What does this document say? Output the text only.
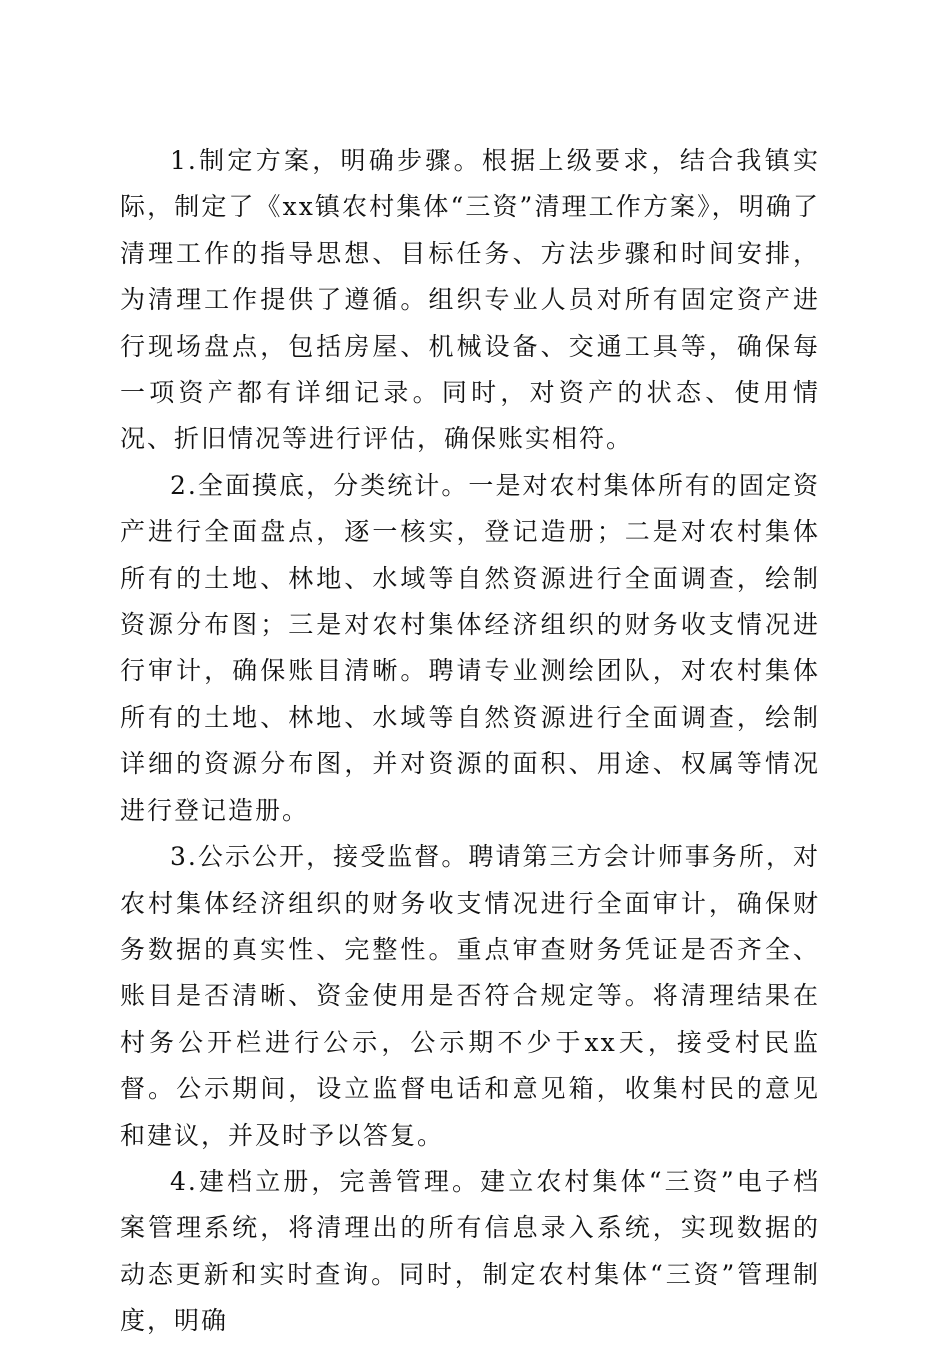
1.制定方案，明确步骤。根据上级要求，结合我镇实际，制定了《xx镇农村集体“三资”清理工作方案》，明确了清理工作的指导思想、目标任务、方法步骤和时间安排，为清理工作提供了遵循。组织专业人员对所有固定资产进行现场盘点，包括房屋、机械设备、交通工具等，确保每一项资产都有详细记录。同时，对资产的状态、使用情况、折旧情况等进行评估，确保账实相符。

2.全面摸底，分类统计。一是对农村集体所有的固定资产进行全面盘点，逐一核实，登记造册；二是对农村集体所有的土地、林地、水域等自然资源进行全面调查，绘制资源分布图；三是对农村集体经济组织的财务收支情况进行审计，确保账目清晰。聘请专业测绘团队，对农村集体所有的土地、林地、水域等自然资源进行全面调查，绘制详细的资源分布图，并对资源的面积、用途、权属等情况进行登记造册。

3.公示公开，接受监督。聘请第三方会计师事务所，对农村集体经济组织的财务收支情况进行全面审计，确保财务数据的真实性、完整性。重点审查财务凭证是否齐全、账目是否清晰、资金使用是否符合规定等。将清理结果在村务公开栏进行公示，公示期不少于xx天，接受村民监督。公示期间，设立监督电话和意见箱，收集村民的意见和建议，并及时予以答复。

4.建档立册，完善管理。建立农村集体“三资”电子档案管理系统，将清理出的所有信息录入系统，实现数据的动态更新和实时查询。同时，制定农村集体“三资”管理制度，明确
